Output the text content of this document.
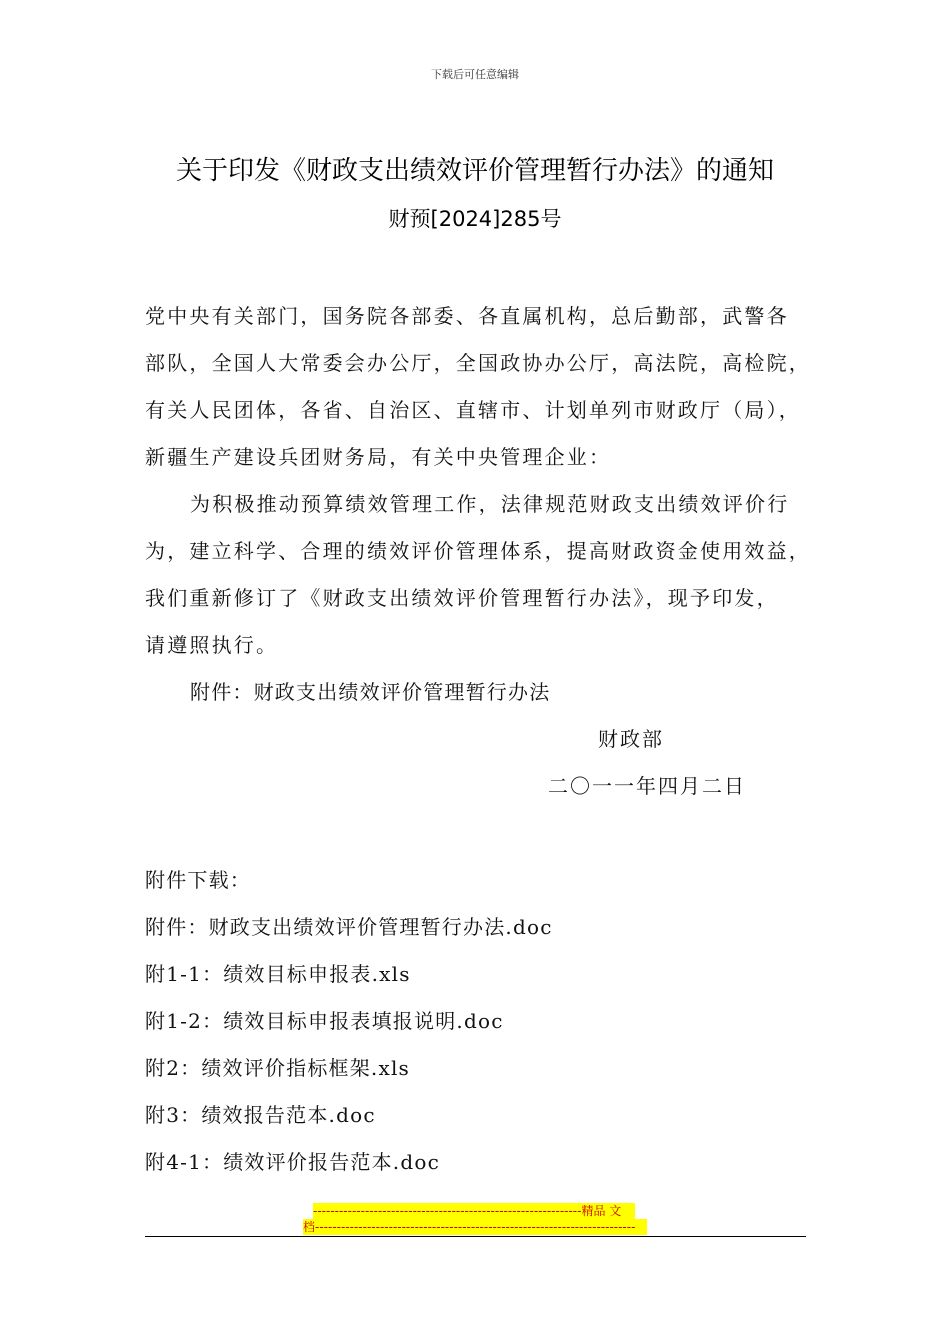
下载后可任意编辑
关于印发《财政支出绩效评价管理暂行办法》的通知
财预[2024]285号
党中央有关部门，国务院各部委、各直属机构，总后勤部，武警各
部队，全国人大常委会办公厅，全国政协办公厅，高法院，高检院，
有关人民团体，各省、自治区、直辖市、计划单列市财政厅（局），
新疆生产建设兵团财务局，有关中央管理企业：
为积极推动预算绩效管理工作，法律规范财政支出绩效评价行
为，建立科学、合理的绩效评价管理体系，提高财政资金使用效益，
我们重新修订了《财政支出绩效评价管理暂行办法》，现予印发，
请遵照执行。
附件：财政支出绩效评价管理暂行办法
财政部
二〇一一年四月二日
附件下载：
附件：财政支出绩效评价管理暂行办法.doc
附1-1：绩效目标申报表.xls
附1-2：绩效目标申报表填报说明.doc
附2：绩效评价指标框架.xls
附3：绩效报告范本.doc
附4-1：绩效评价报告范本.doc
--------------------------------------------------------------精品 文
档--------------------------------------------------------------------------
